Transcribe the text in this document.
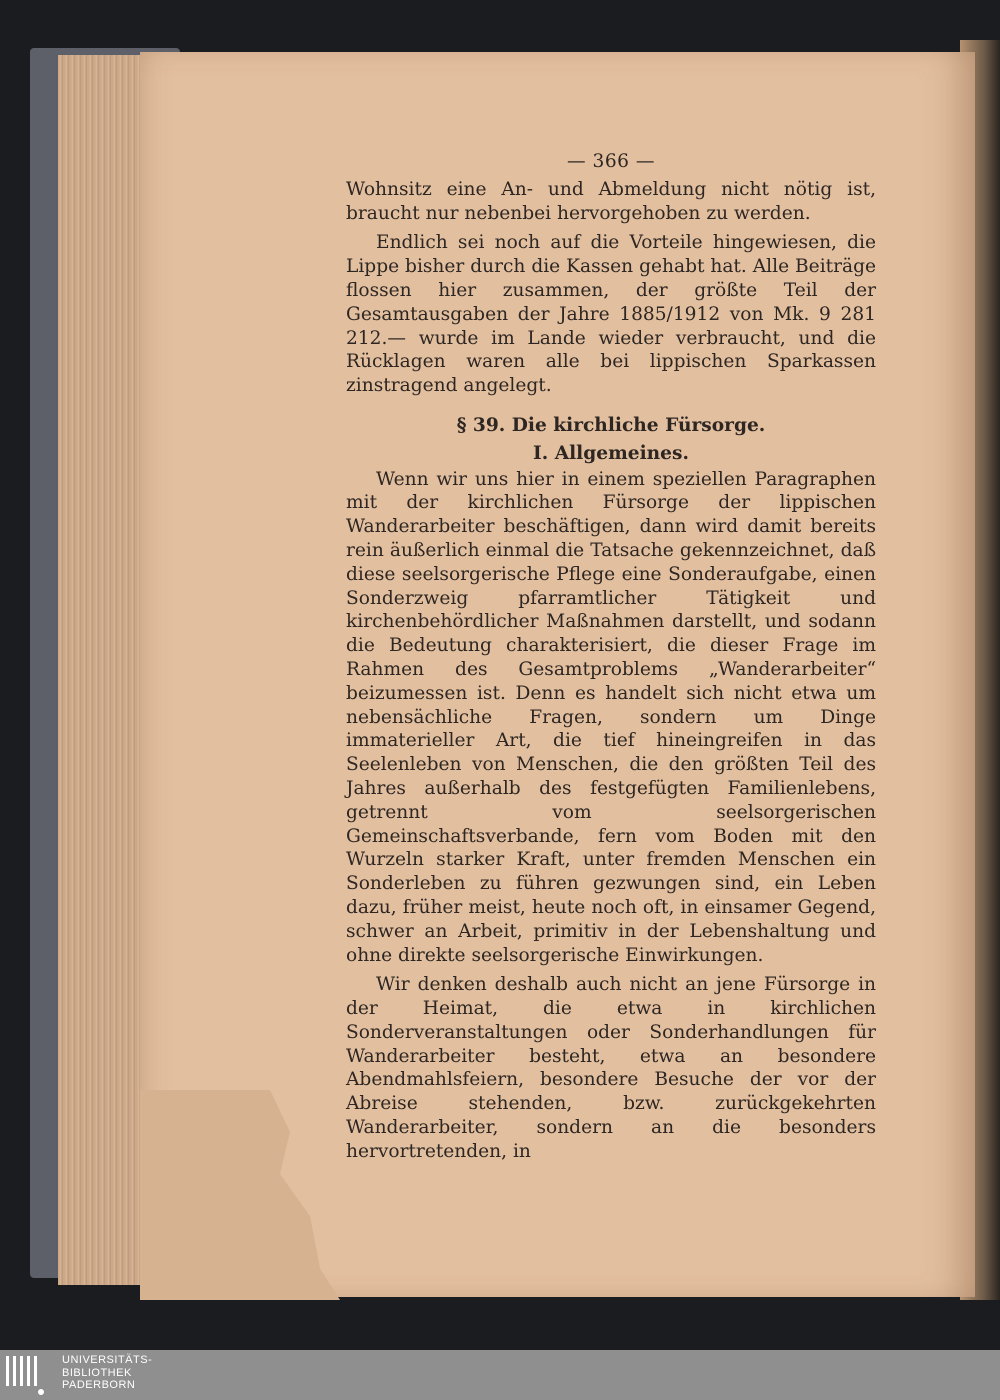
— 366 —

Wohnsitz eine An- und Abmeldung nicht nötig ist, braucht nur nebenbei hervorgehoben zu werden.

Endlich sei noch auf die Vorteile hingewiesen, die Lippe bisher durch die Kassen gehabt hat. Alle Beiträge flossen hier zusammen, der größte Teil der Gesamtausgaben der Jahre 1885/1912 von Mk. 9 281 212.— wurde im Lande wieder verbraucht, und die Rücklagen waren alle bei lippischen Sparkassen zinstragend angelegt.

§ 39. Die kirchliche Fürsorge.
I. Allgemeines.

Wenn wir uns hier in einem speziellen Paragraphen mit der kirchlichen Fürsorge der lippischen Wanderarbeiter beschäftigen, dann wird damit bereits rein äußerlich einmal die Tatsache gekennzeichnet, daß diese seelsorgerische Pflege eine Sonderaufgabe, einen Sonderzweig pfarramtlicher Tätigkeit und kirchenbehördlicher Maßnahmen darstellt, und sodann die Bedeutung charakterisiert, die dieser Frage im Rahmen des Gesamtproblems „Wanderarbeiter“ beizumessen ist. Denn es handelt sich nicht etwa um nebensächliche Fragen, sondern um Dinge immaterieller Art, die tief hineingreifen in das Seelenleben von Menschen, die den größten Teil des Jahres außerhalb des festgefügten Familienlebens, getrennt vom seelsorgerischen Gemeinschaftsverbande, fern vom Boden mit den Wurzeln starker Kraft, unter fremden Menschen ein Sonderleben zu führen gezwungen sind, ein Leben dazu, früher meist, heute noch oft, in einsamer Gegend, schwer an Arbeit, primitiv in der Lebenshaltung und ohne direkte seelsorgerische Einwirkungen.

Wir denken deshalb auch nicht an jene Fürsorge in der Heimat, die etwa in kirchlichen Sonderveranstaltungen oder Sonderhandlungen für Wanderarbeiter besteht, etwa an besondere Abendmahlsfeiern, besondere Besuche der vor der Abreise stehenden, bzw. zurückgekehrten Wanderarbeiter, sondern an die besonders hervortretenden, in

UNIVERSITÄTS-
BIBLIOTHEK
PADERBORN
